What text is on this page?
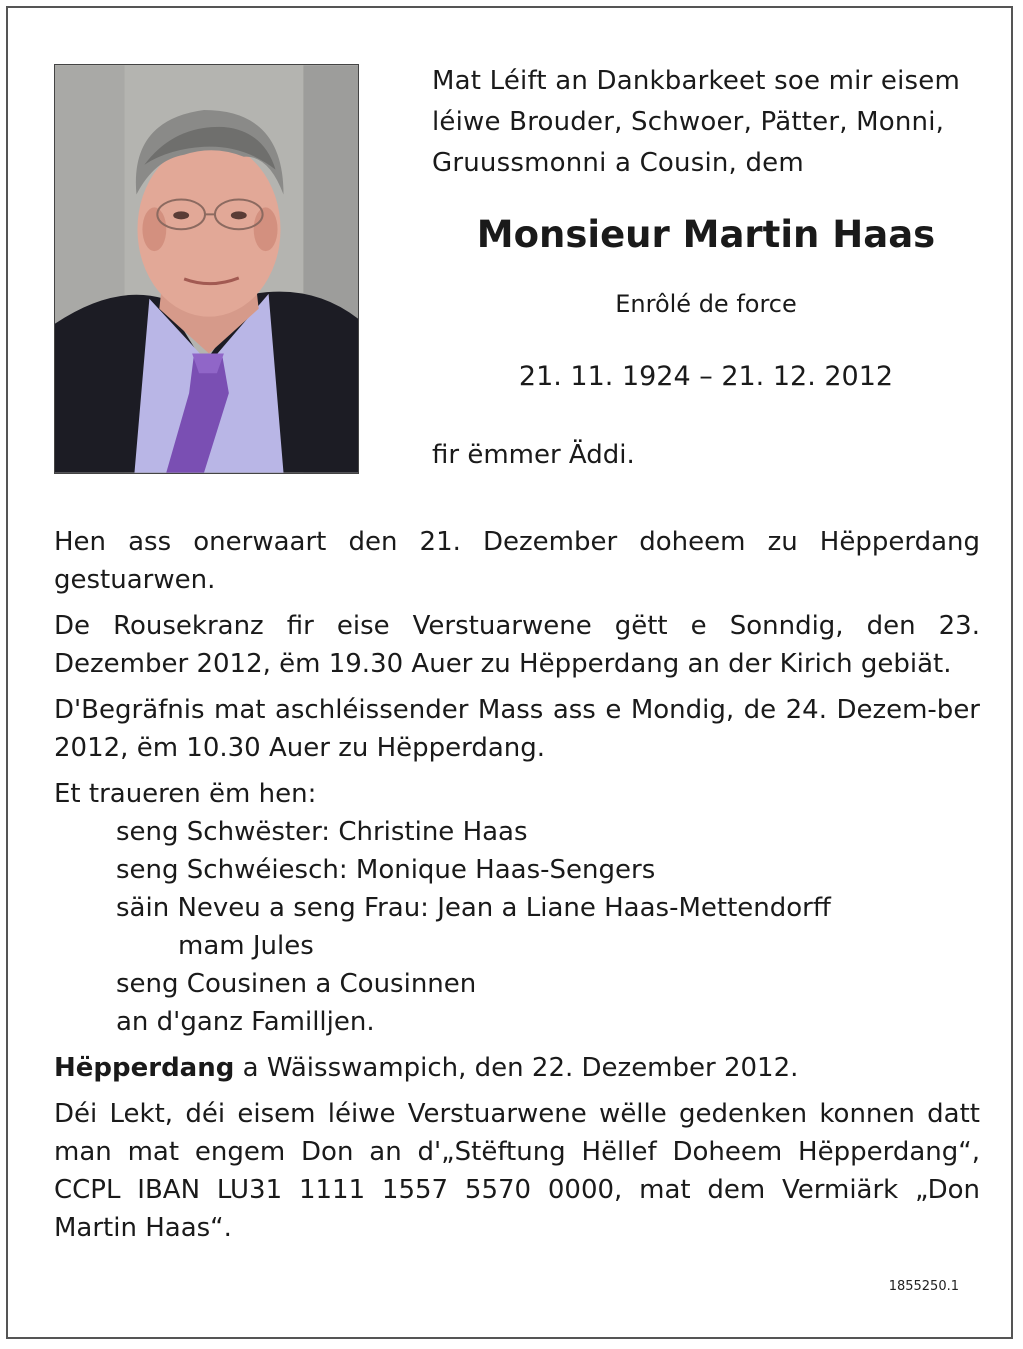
Mat Léift an Dankbarkeet soe mir eisem
léiwe Brouder, Schwoer, Pätter, Monni,
Gruussmonni a Cousin, dem
Monsieur Martin Haas
Enrôlé de force
21. 11. 1924 – 21. 12. 2012
fir ëmmer Äddi.

Hen ass onerwaart den 21. Dezember doheem zu Hëpperdang gestuarwen.

De Rousekranz fir eise Verstuarwene gëtt e Sonndig, den 23. Dezember 2012, ëm 19.30 Auer zu Hëpperdang an der Kirich gebiät.

D'Begräfnis mat aschléissender Mass ass e Mondig, de 24. Dezem-ber 2012, ëm 10.30 Auer zu Hëpperdang.

Et traueren ëm hen:
seng Schwëster: Christine Haas
seng Schwéiesch: Monique Haas-Sengers
säin Neveu a seng Frau: Jean a Liane Haas-Mettendorff
mam Jules
seng Cousinen a Cousinnen
an d'ganz Familljen.

Hëpperdang a Wäisswampich, den 22. Dezember 2012.

Déi Lekt, déi eisem léiwe Verstuarwene wëlle gedenken konnen datt man mat engem Don an d'„Stëftung Hëllef Doheem Hëpperdang“, CCPL IBAN LU31 1111 1557 5570 0000, mat dem Vermiärk „Don Martin Haas“.

1855250.1
